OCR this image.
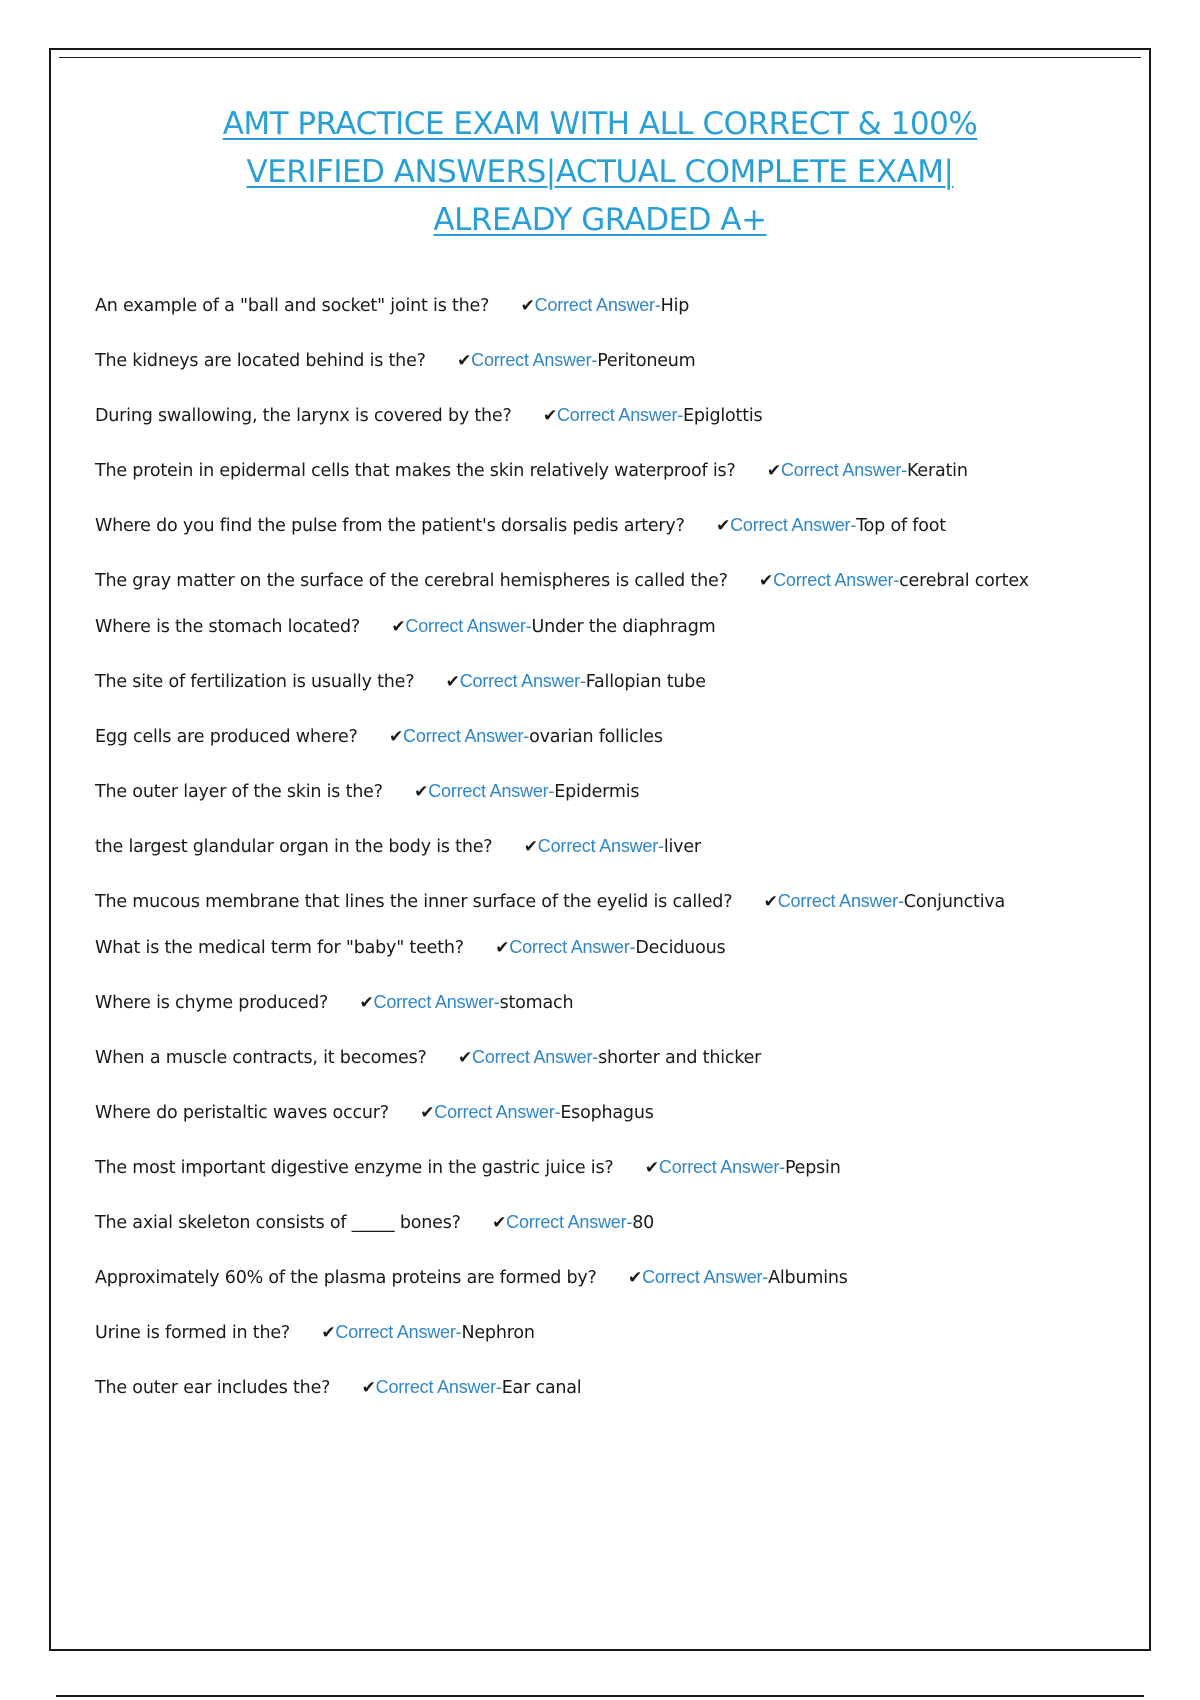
AMT PRACTICE EXAM WITH ALL CORRECT & 100%
VERIFIED ANSWERS|ACTUAL COMPLETE EXAM|
ALREADY GRADED A+
An example of a "ball and socket" joint is the? ✔Correct Answer-Hip
The kidneys are located behind is the? ✔Correct Answer-Peritoneum
During swallowing, the larynx is covered by the? ✔Correct Answer-Epiglottis
The protein in epidermal cells that makes the skin relatively waterproof is? ✔Correct Answer-Keratin
Where do you find the pulse from the patient's dorsalis pedis artery? ✔Correct Answer-Top of foot
The gray matter on the surface of the cerebral hemispheres is called the? ✔Correct Answer-cerebral cortex
Where is the stomach located? ✔Correct Answer-Under the diaphragm
The site of fertilization is usually the? ✔Correct Answer-Fallopian tube
Egg cells are produced where? ✔Correct Answer-ovarian follicles
The outer layer of the skin is the? ✔Correct Answer-Epidermis
the largest glandular organ in the body is the? ✔Correct Answer-liver
The mucous membrane that lines the inner surface of the eyelid is called? ✔Correct Answer-Conjunctiva
What is the medical term for "baby" teeth? ✔Correct Answer-Deciduous
Where is chyme produced? ✔Correct Answer-stomach
When a muscle contracts, it becomes? ✔Correct Answer-shorter and thicker
Where do peristaltic waves occur? ✔Correct Answer-Esophagus
The most important digestive enzyme in the gastric juice is? ✔Correct Answer-Pepsin
The axial skeleton consists of _____ bones? ✔Correct Answer-80
Approximately 60% of the plasma proteins are formed by? ✔Correct Answer-Albumins
Urine is formed in the? ✔Correct Answer-Nephron
The outer ear includes the? ✔Correct Answer-Ear canal
